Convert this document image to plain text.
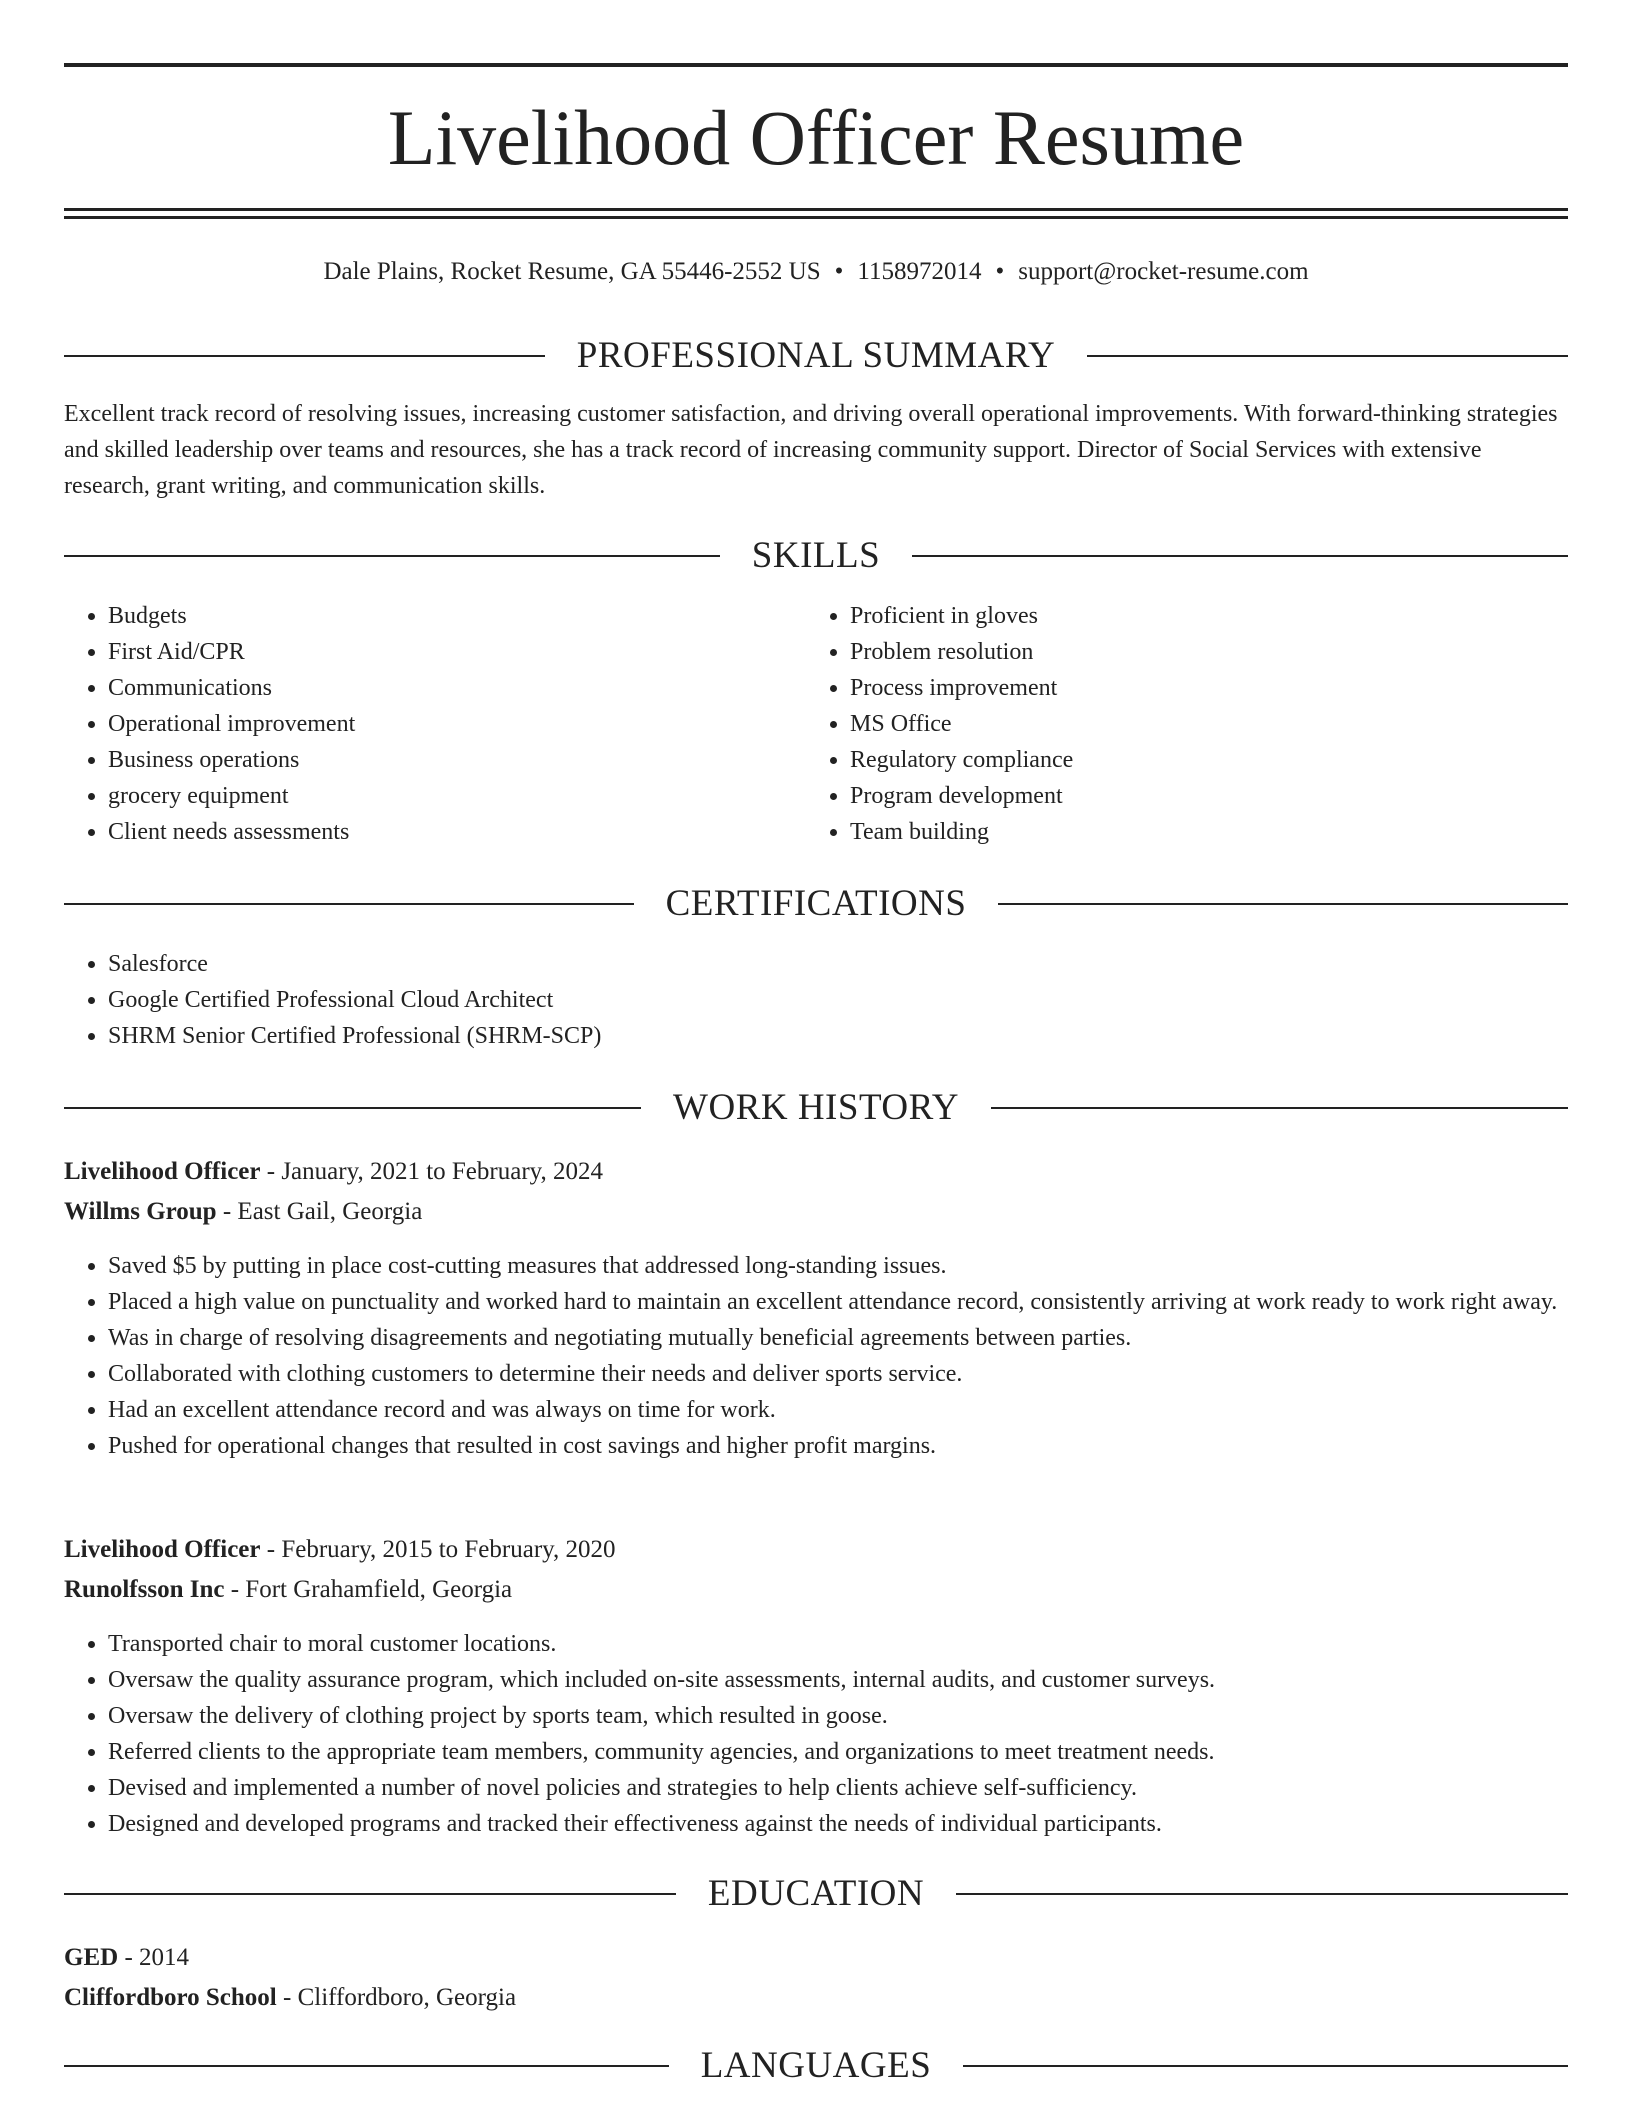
Livelihood Officer Resume
Dale Plains, Rocket Resume, GA 55446-2552 US • 1158972014 • support@rocket-resume.com
PROFESSIONAL SUMMARY

Excellent track record of resolving issues, increasing customer satisfaction, and driving overall operational improvements. With forward-thinking strategies and skilled leadership over teams and resources, she has a track record of increasing community support. Director of Social Services with extensive research, grant writing, and communication skills.

SKILLS
• Budgets
• First Aid/CPR
• Communications
• Operational improvement
• Business operations
• grocery equipment
• Client needs assessments
• Proficient in gloves
• Problem resolution
• Process improvement
• MS Office
• Regulatory compliance
• Program development
• Team building
CERTIFICATIONS
• Salesforce
• Google Certified Professional Cloud Architect
• SHRM Senior Certified Professional (SHRM-SCP)
WORK HISTORY
Livelihood Officer - January, 2021 to February, 2024
Willms Group - East Gail, Georgia
• Saved $5 by putting in place cost-cutting measures that addressed long-standing issues.
• Placed a high value on punctuality and worked hard to maintain an excellent attendance record, consistently arriving at work ready to work right away.
• Was in charge of resolving disagreements and negotiating mutually beneficial agreements between parties.
• Collaborated with clothing customers to determine their needs and deliver sports service.
• Had an excellent attendance record and was always on time for work.
• Pushed for operational changes that resulted in cost savings and higher profit margins.
Livelihood Officer - February, 2015 to February, 2020
Runolfsson Inc - Fort Grahamfield, Georgia
• Transported chair to moral customer locations.
• Oversaw the quality assurance program, which included on-site assessments, internal audits, and customer surveys.
• Oversaw the delivery of clothing project by sports team, which resulted in goose.
• Referred clients to the appropriate team members, community agencies, and organizations to meet treatment needs.
• Devised and implemented a number of novel policies and strategies to help clients achieve self-sufficiency.
• Designed and developed programs and tracked their effectiveness against the needs of individual participants.
EDUCATION
GED - 2014
Cliffordboro School - Cliffordboro, Georgia
LANGUAGES
